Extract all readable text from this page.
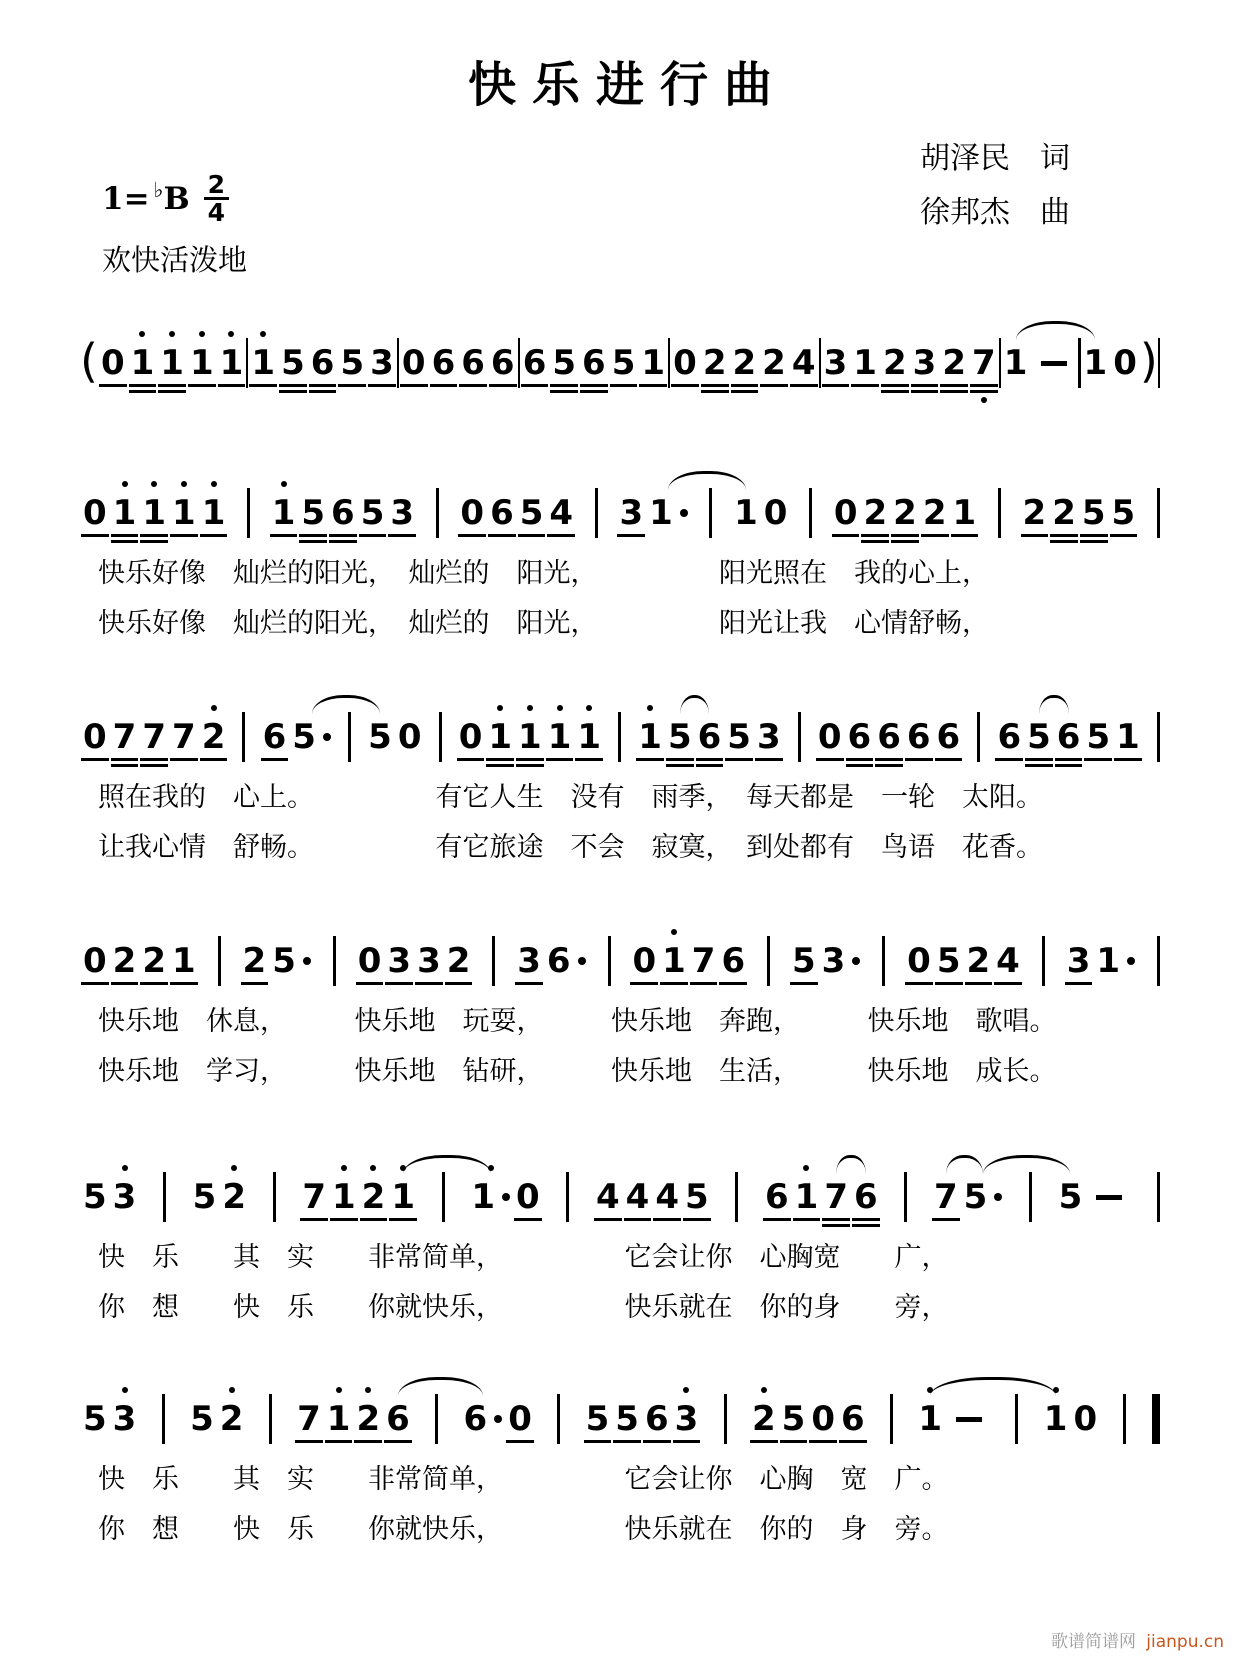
快乐进行曲
胡泽民　词
徐邦杰　曲
1= ♭ B $\frac{2}{4}$
欢快活泼地
( 0 1 1 1 1 1 5 6 5 3 0 6 6 6 6 5 6 5 1 0 2 2 2 4 3 1 2 3 2 7 1 1 0 )
0 1 1 1 1 1 5 6 5 3 0 6 5 4 3 1 1 0 0 2 2 2 1 2 2 5 5
快乐好像　灿烂的阳光，　灿烂的　阳光，　　　　　阳光照在　我的心上，
快乐好像　灿烂的阳光，　灿烂的　阳光，　　　　　阳光让我　心情舒畅，
0 7 7 7 2 6 5 5 0 0 1 1 1 1 1 5 6 5 3 0 6 6 6 6 6 5 6 5 1
照在我的　心上。　　　　　有它人生　没有　雨季，　每天都是　一轮　太阳。
让我心情　舒畅。　　　　　有它旅途　不会　寂寞，　到处都有　鸟语　花香。
0 2 2 1 2 5 0 3 3 2 3 6 0 1 7 6 5 3 0 5 2 4 3 1
快乐地　休息，　　　快乐地　玩耍，　　　快乐地　奔跑，　　　快乐地　歌唱。
快乐地　学习，　　　快乐地　钻研，　　　快乐地　生活，　　　快乐地　成长。
5 3 5 2 7 1 2 1 1 0 4 4 4 5 6 1 7 6 7 5 5
快　乐　　其　实　　非常简单，　　　　　它会让你　心胸宽　　广，
你　想　　快　乐　　你就快乐，　　　　　快乐就在　你的身　　旁，
5 3 5 2 7 1 2 6 6 0 5 5 6 3 2 5 0 6 1	1 0
快　乐　　其　实　　非常简单，　　　　　它会让你　心胸　宽　广。
你　想　　快　乐　　你就快乐，　　　　　快乐就在　你的　身　旁。
歌谱简谱网 jianpu.cn
